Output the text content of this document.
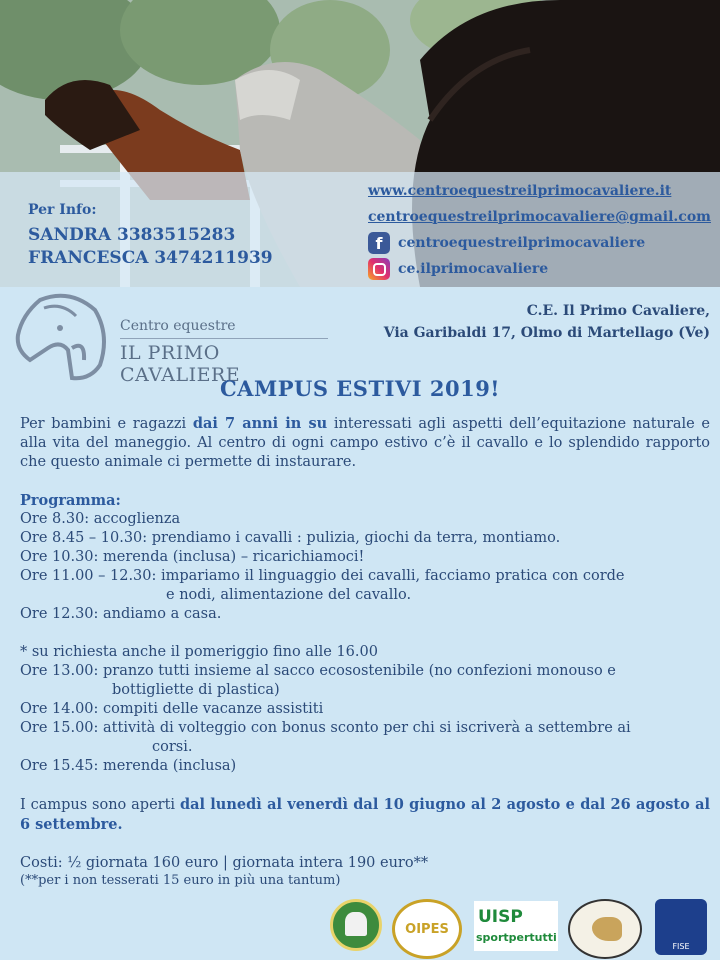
Per Info:
SANDRA 3383515283
FRANCESCA 3474211939
www.centroequestreilprimocavaliere.it
centroequestreilprimocavaliere@gmail.com
f	centroequestreilprimocavaliere
ce.ilprimocavaliere
Centro equestre
IL PRIMO CAVALIERE
C.E. Il Primo Cavaliere,
Via Garibaldi 17, Olmo di Martellago (Ve)
CAMPUS ESTIVI 2019!

Per bambini e ragazzi dai 7 anni in su interessati agli aspetti dell’equitazione naturale e alla vita del maneggio. Al centro di ogni campo estivo c’è il cavallo e lo splendido rapporto che questo animale ci permette di instaurare.

Programma:
Ore 8.30: accoglienza
Ore 8.45 – 10.30: prendiamo i cavalli : pulizia, giochi da terra, montiamo.
Ore 10.30: merenda (inclusa) – ricarichiamoci!
Ore 11.00 – 12.30: impariamo il linguaggio dei cavalli, facciamo pratica con corde
e nodi, alimentazione del cavallo.
Ore 12.30: andiamo a casa.
* su richiesta anche il pomeriggio fino alle 16.00
Ore 13.00: pranzo tutti insieme al sacco ecosostenibile (no confezioni monouso e
bottigliette di plastica)
Ore 14.00: compiti delle vacanze assistiti
Ore 15.00: attività di volteggio con bonus sconto per chi si iscriverà a settembre ai
corsi.
Ore 15.45: merenda (inclusa)

I campus sono aperti dal lunedì al venerdì dal 10 giugno al 2 agosto e dal 26 agosto al 6 settembre.

Costi: ½ giornata 160 euro | giornata intera 190 euro**
(**per i non tesserati 15 euro in più una tantum)
OIPES
UISP
sportpertutti
FISE
